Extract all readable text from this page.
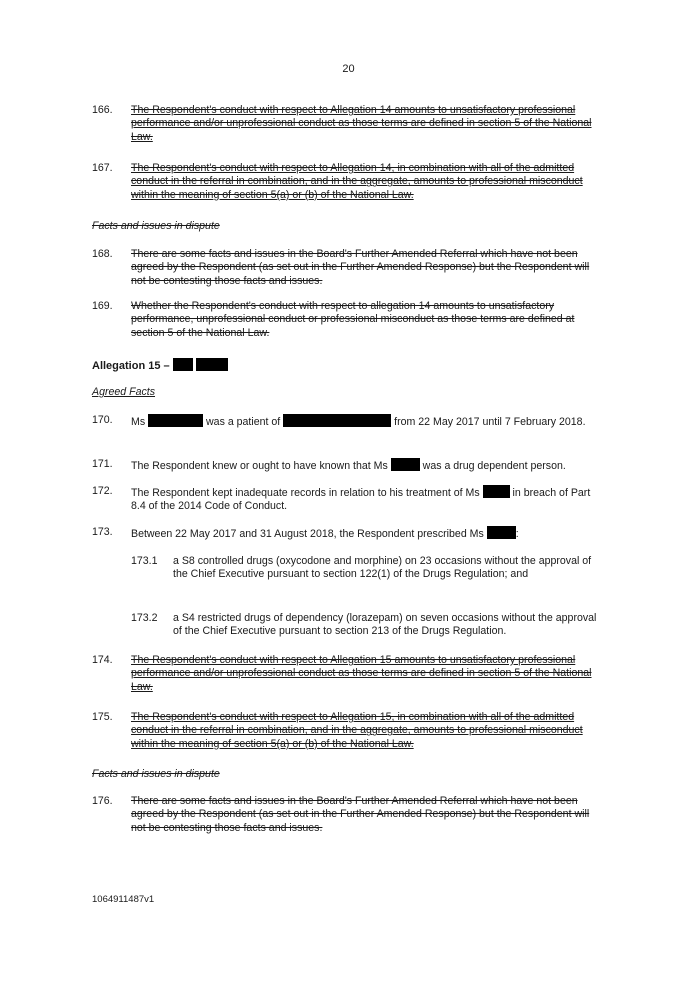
20
166. The Respondent's conduct with respect to Allegation 14 amounts to unsatisfactory professional performance and/or unprofessional conduct as those terms are defined in section 5 of the National Law.
167. The Respondent's conduct with respect to Allegation 14, in combination with all of the admitted conduct in the referral in combination, and in the aggregate, amounts to professional misconduct within the meaning of section 5(a) or (b) of the National Law.
Facts and issues in dispute
168. There are some facts and issues in the Board's Further Amended Referral which have not been agreed by the Respondent (as set out in the Further Amended Response) but the Respondent will not be contesting those facts and issues.
169. Whether the Respondent's conduct with respect to allegation 14 amounts to unsatisfactory performance, unprofessional conduct or professional misconduct as those terms are defined at section 5 of the National Law.
Allegation 15 –
Agreed Facts
170. Ms	was a patient of	from 22 May 2017 until 7 February 2018.
171. The Respondent knew or ought to have known that Ms	was a drug dependent person.
172. The Respondent kept inadequate records in relation to his treatment of Ms	in breach of Part 8.4 of the 2014 Code of Conduct.
173. Between 22 May 2017 and 31 August 2018, the Respondent prescribed Ms	:
173.1 a S8 controlled drugs (oxycodone and morphine) on 23 occasions without the approval of the Chief Executive pursuant to section 122(1) of the Drugs Regulation; and
173.2 a S4 restricted drugs of dependency (lorazepam) on seven occasions without the approval of the Chief Executive pursuant to section 213 of the Drugs Regulation.
174. The Respondent's conduct with respect to Allegation 15 amounts to unsatisfactory professional performance and/or unprofessional conduct as those terms are defined in section 5 of the National Law.
175. The Respondent's conduct with respect to Allegation 15, in combination with all of the admitted conduct in the referral in combination, and in the aggregate, amounts to professional misconduct within the meaning of section 5(a) or (b) of the National Law.
Facts and issues in dispute
176. There are some facts and issues in the Board's Further Amended Referral which have not been agreed by the Respondent (as set out in the Further Amended Response) but the Respondent will not be contesting those facts and issues.
1064911487v1
